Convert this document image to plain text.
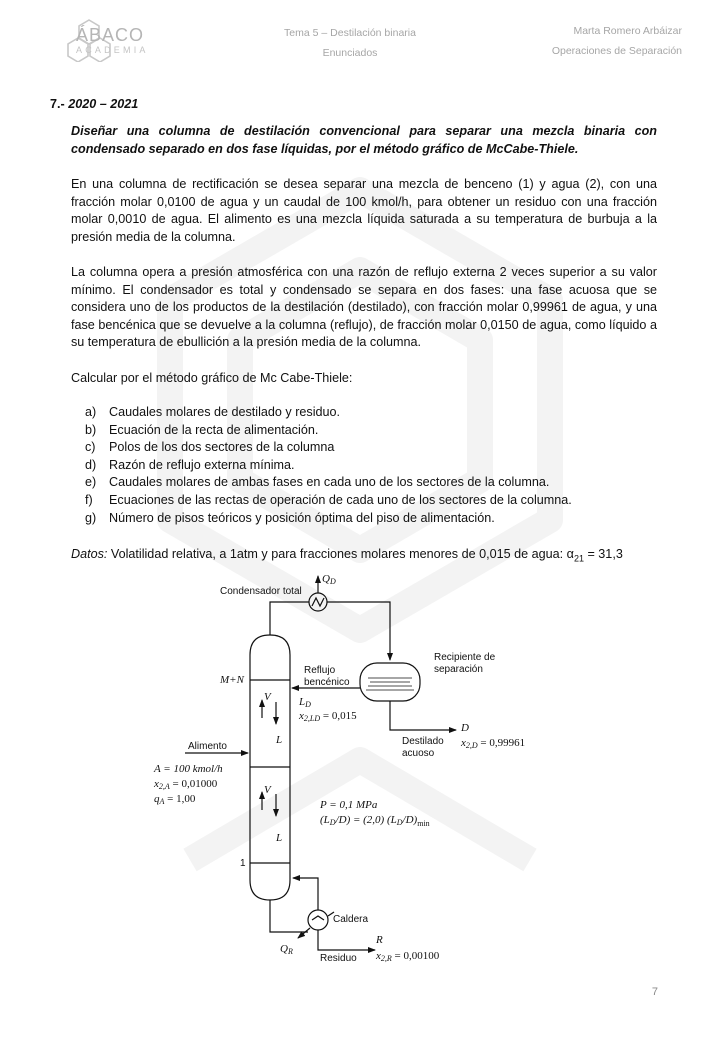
ÁBACO
ACADEMIA
Tema 5 – Destilación binaria
Enunciados
Marta Romero Arbáizar
Operaciones de Separación
7.- 2020 – 2021
Diseñar una columna de destilación convencional para separar una mezcla binaria con condensado separado en dos fase líquidas, por el método gráfico de McCabe-Thiele.
En una columna de rectificación se desea separar una mezcla de benceno (1) y agua (2), con una fracción molar 0,0100 de agua y un caudal de 100 kmol/h, para obtener un residuo con una fracción molar 0,0010 de agua. El alimento es una mezcla líquida saturada a su temperatura de burbuja a la presión media de la columna.
La columna opera a presión atmosférica con una razón de reflujo externa 2 veces superior a su valor mínimo. El condensador es total y condensado se separa en dos fases: una fase acuosa que se considera uno de los productos de la destilación (destilado), con fracción molar 0,99961 de agua, y una fase bencénica que se devuelve a la columna (reflujo), de fracción molar 0,0150 de agua, como líquido a su temperatura de ebullición a la presión media de la columna.
Calcular por el método gráfico de Mc Cabe-Thiele:
a) Caudales molares de destilado y residuo.
b) Ecuación de la recta de alimentación.
c) Polos de los dos sectores de la columna
d) Razón de reflujo externa mínima.
e) Caudales molares de ambas fases en cada uno de los sectores de la columna.
f) Ecuaciones de las rectas de operación de cada uno de los sectores de la columna.
g) Número de pisos teóricos y posición óptima del piso de alimentación.
Datos: Volatilidad relativa, a 1atm y para fracciones molares menores de 0,015 de agua: $\alpha_{21} = 31,3$
Condensador total
QD
Recipiente de
separación
Reflujo
bencénico
M+N
V
L
LD
x2,LD = 0,015
D
x2,D = 0,99961
Destilado
acuoso
Alimento
A = 100 kmol/h
x2,A = 0,01000
qA = 1,00
V
L
P = 0,1 MPa
(LD/D) = (2,0) $(LD/D)_{min}$
1
Caldera
QR
R
Residuo x2,R = 0,00100
7
